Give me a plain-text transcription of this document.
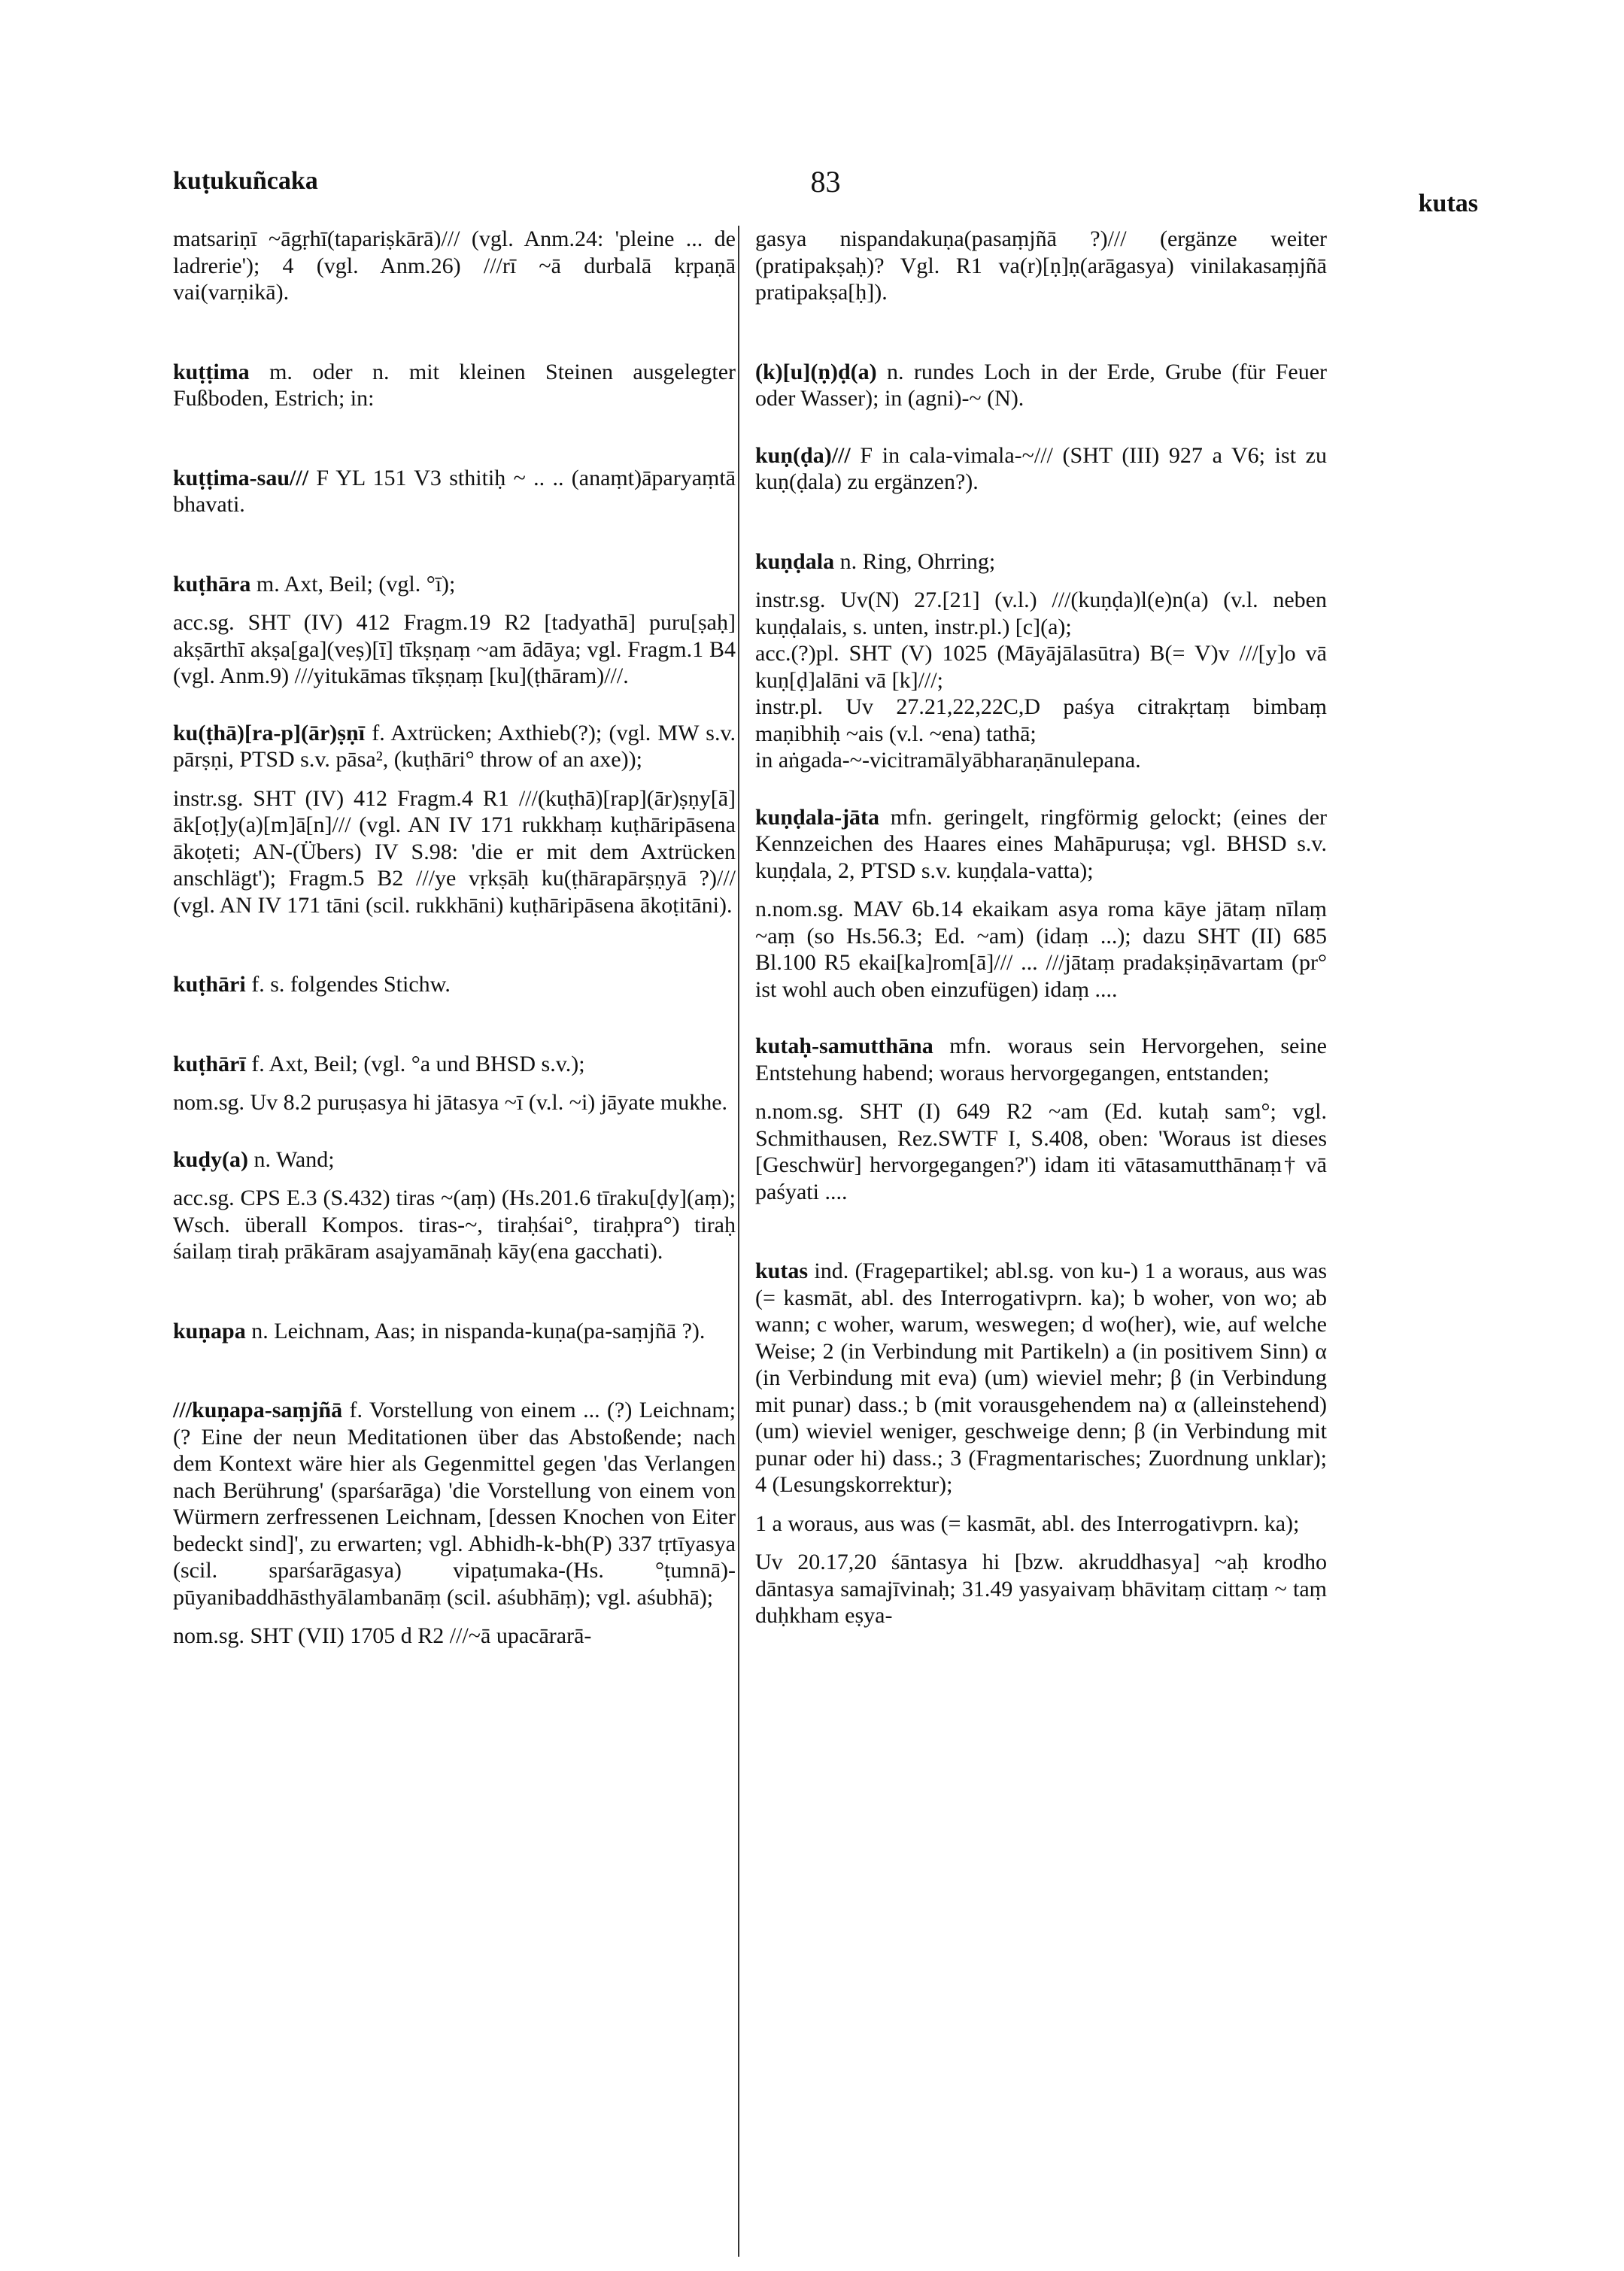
kuṭukuñcaka	83
kutas

matsariṇī ~āgṛhī(tapariṣkārā)/// (vgl. Anm.24: 'pleine ... de ladrerie'); 4 (vgl. Anm.26) ///rī ~ā durbalā kṛpaṇā vai(varṇikā).

kuṭṭima m. oder n. mit kleinen Steinen ausgelegter Fußboden, Estrich; in:

kuṭṭima-sau/// F YL 151 V3 sthitiḥ ~ .. .. (anaṃt)āparyaṃtā bhavati.

kuṭhāra m. Axt, Beil; (vgl. °ī);

acc.sg. SHT (IV) 412 Fragm.19 R2 [tadyathā] puru[ṣaḥ] akṣārthī akṣa[ga](veṣ)[ī] tīkṣṇaṃ ~am ādāya; vgl. Fragm.1 B4 (vgl. Anm.9) ///yitukāmas tīkṣṇaṃ [ku](ṭhāram)///.

ku(ṭhā)[ra-p](ār)ṣṇī f. Axtrücken; Axthieb(?); (vgl. MW s.v. pārṣṇi, PTSD s.v. pāsa², (kuṭhāri° throw of an axe));

instr.sg. SHT (IV) 412 Fragm.4 R1 ///(kuṭhā)[rap](ār)ṣṇy[ā] āk[oṭ]y(a)[m]ā[n]/// (vgl. AN IV 171 rukkhaṃ kuṭhāripāsena ākoṭeti; AN-(Übers) IV S.98: 'die er mit dem Axtrücken anschlägt'); Fragm.5 B2 ///ye vṛkṣāḥ ku(ṭhārapārṣṇyā ?)/// (vgl. AN IV 171 tāni (scil. rukkhāni) kuṭhāripāsena ākoṭitāni).

kuṭhāri f. s. folgendes Stichw.

kuṭhārī f. Axt, Beil; (vgl. °a und BHSD s.v.);

nom.sg. Uv 8.2 puruṣasya hi jātasya ~ī (v.l. ~i) jāyate mukhe.

kuḍy(a) n. Wand;

acc.sg. CPS E.3 (S.432) tiras ~(aṃ) (Hs.201.6 tīraku[ḍy](aṃ); Wsch. überall Kompos. tiras-~, tiraḥśai°, tiraḥpra°) tiraḥ śailaṃ tiraḥ prākāram asajyamānaḥ kāy(ena gacchati).

kuṇapa n. Leichnam, Aas; in nispanda-kuṇa(pa-saṃjñā ?).

///kuṇapa-saṃjñā f. Vorstellung von einem ... (?) Leichnam; (? Eine der neun Meditationen über das Abstoßende; nach dem Kontext wäre hier als Gegenmittel gegen 'das Verlangen nach Berührung' (sparśarāga) 'die Vorstellung von einem von Würmern zerfressenen Leichnam, [dessen Knochen von Eiter bedeckt sind]', zu erwarten; vgl. Abhidh-k-bh(P) 337 tṛtīyasya (scil. sparśarāgasya) vipaṭumaka-(Hs. °ṭumnā)-pūyanibaddhāsthyālambanāṃ (scil. aśubhāṃ); vgl. aśubhā);

nom.sg. SHT (VII) 1705 d R2 ///~ā upacārarā-

gasya nispandakuṇa(pasaṃjñā ?)/// (ergänze weiter (pratipakṣaḥ)? Vgl. R1 va(r)[ṇ]ṇ(arāgasya) vinilakasaṃjñā pratipakṣa[ḥ]).

(k)[u](ṇ)ḍ(a) n. rundes Loch in der Erde, Grube (für Feuer oder Wasser); in (agni)-~ (N).

kuṇ(ḍa)/// F in cala-vimala-~/// (SHT (III) 927 a V6; ist zu kuṇ(ḍala) zu ergänzen?).

kuṇḍala n. Ring, Ohrring;

instr.sg. Uv(N) 27.[21] (v.l.) ///(kuṇḍa)l(e)n(a) (v.l. neben kuṇḍalais, s. unten, instr.pl.) [c](a);

acc.(?)pl. SHT (V) 1025 (Māyājālasūtra) B(= V)v ///[y]o vā kuṇ[ḍ]alāni vā [k]///;

instr.pl. Uv 27.21,22,22C,D paśya citrakṛtaṃ bimbaṃ maṇibhiḥ ~ais (v.l. ~ena) tathā;

in aṅgada-~-vicitramālyābharaṇānulepana.

kuṇḍala-jāta mfn. geringelt, ringförmig gelockt; (eines der Kennzeichen des Haares eines Mahāpuruṣa; vgl. BHSD s.v. kuṇḍala, 2, PTSD s.v. kuṇḍala-vatta);

n.nom.sg. MAV 6b.14 ekaikam asya roma kāye jātaṃ nīlaṃ ~aṃ (so Hs.56.3; Ed. ~am) (idaṃ ...); dazu SHT (II) 685 Bl.100 R5 ekai[ka]rom[ā]/// ... ///jātaṃ pradakṣiṇāvartam (pr° ist wohl auch oben einzufügen) idaṃ ....

kutaḥ-samutthāna mfn. woraus sein Hervorgehen, seine Entstehung habend; woraus hervorgegangen, entstanden;

n.nom.sg. SHT (I) 649 R2 ~am (Ed. kutaḥ sam°; vgl. Schmithausen, Rez.SWTF I, S.408, oben: 'Woraus ist dieses [Geschwür] hervorgegangen?') idam iti vātasamutthānaṃ† vā paśyati ....

kutas ind. (Fragepartikel; abl.sg. von ku-) 1 a woraus, aus was (= kasmāt, abl. des Interrogativprn. ka); b woher, von wo; ab wann; c woher, warum, weswegen; d wo(her), wie, auf welche Weise; 2 (in Verbindung mit Partikeln) a (in positivem Sinn) α (in Verbindung mit eva) (um) wieviel mehr; β (in Verbindung mit punar) dass.; b (mit vorausgehendem na) α (alleinstehend) (um) wieviel weniger, geschweige denn; β (in Verbindung mit punar oder hi) dass.; 3 (Fragmentarisches; Zuordnung unklar); 4 (Lesungskorrektur);

1 a woraus, aus was (= kasmāt, abl. des Interrogativprn. ka);

Uv 20.17,20 śāntasya hi [bzw. akruddhasya] ~aḥ krodho dāntasya samajīvinaḥ; 31.49 yasyaivaṃ bhāvitaṃ cittaṃ ~ taṃ duḥkham eṣya-
